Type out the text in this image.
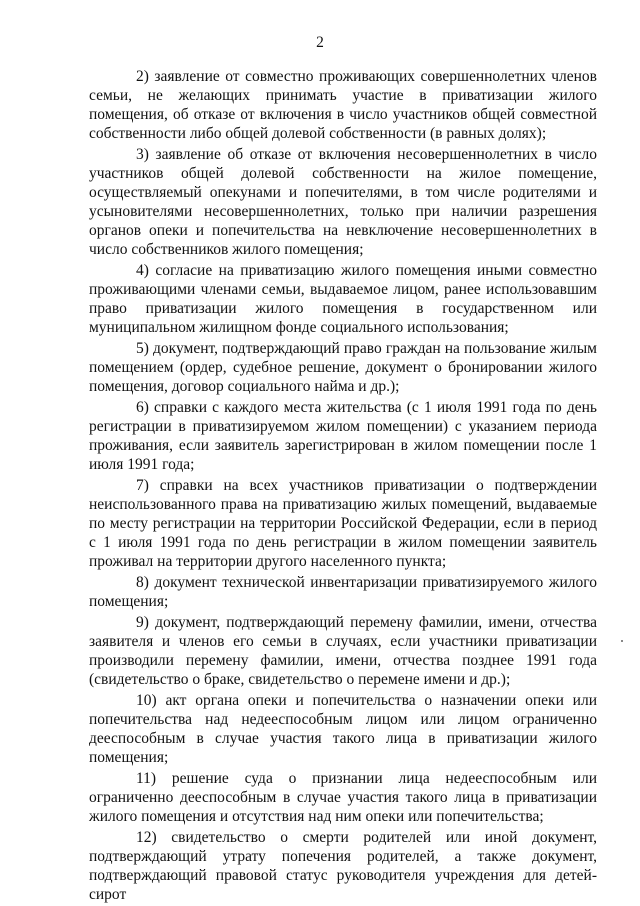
2

2) заявление от совместно проживающих совершеннолетних членов семьи, не желающих принимать участие в приватизации жилого помещения, об отказе от включения в число участников общей совместной собственности либо общей долевой собственности (в равных долях);

3) заявление об отказе от включения несовершеннолетних в число участников общей долевой собственности на жилое помещение, осуществляемый опекунами и попечителями, в том числе родителями и усыновителями несовершеннолетних, только при наличии разрешения органов опеки и попечительства на невключение несовершеннолетних в число собственников жилого помещения;

4) согласие на приватизацию жилого помещения иными совместно проживающими членами семьи, выдаваемое лицом, ранее использовавшим право приватизации жилого помещения в государственном или муниципальном жилищном фонде социального использования;

5) документ, подтверждающий право граждан на пользование жилым помещением (ордер, судебное решение, документ о бронировании жилого помещения, договор социального найма и др.);

6) справки с каждого места жительства (с 1 июля 1991 года по день регистрации в приватизируемом жилом помещении) с указанием периода проживания, если заявитель зарегистрирован в жилом помещении после 1 июля 1991 года;

7) справки на всех участников приватизации о подтверждении неиспользованного права на приватизацию жилых помещений, выдаваемые по месту регистрации на территории Российской Федерации, если в период с 1 июля 1991 года по день регистрации в жилом помещении заявитель проживал на территории другого населенного пункта;

8) документ технической инвентаризации приватизируемого жилого помещения;

9) документ, подтверждающий перемену фамилии, имени, отчества заявителя и членов его семьи в случаях, если участники приватизации производили перемену фамилии, имени, отчества позднее 1991 года (свидетельство о браке, свидетельство о перемене имени и др.);

10) акт органа опеки и попечительства о назначении опеки или попечительства над недееспособным лицом или лицом ограниченно дееспособным в случае участия такого лица в приватизации жилого помещения;

11) решение суда о признании лица недееспособным или ограниченно дееспособным в случае участия такого лица в приватизации жилого помещения и отсутствия над ним опеки или попечительства;

12) свидетельство о смерти родителей или иной документ, подтверждающий утрату попечения родителей, а также документ, подтверждающий правовой статус руководителя учреждения для детей-сирот
